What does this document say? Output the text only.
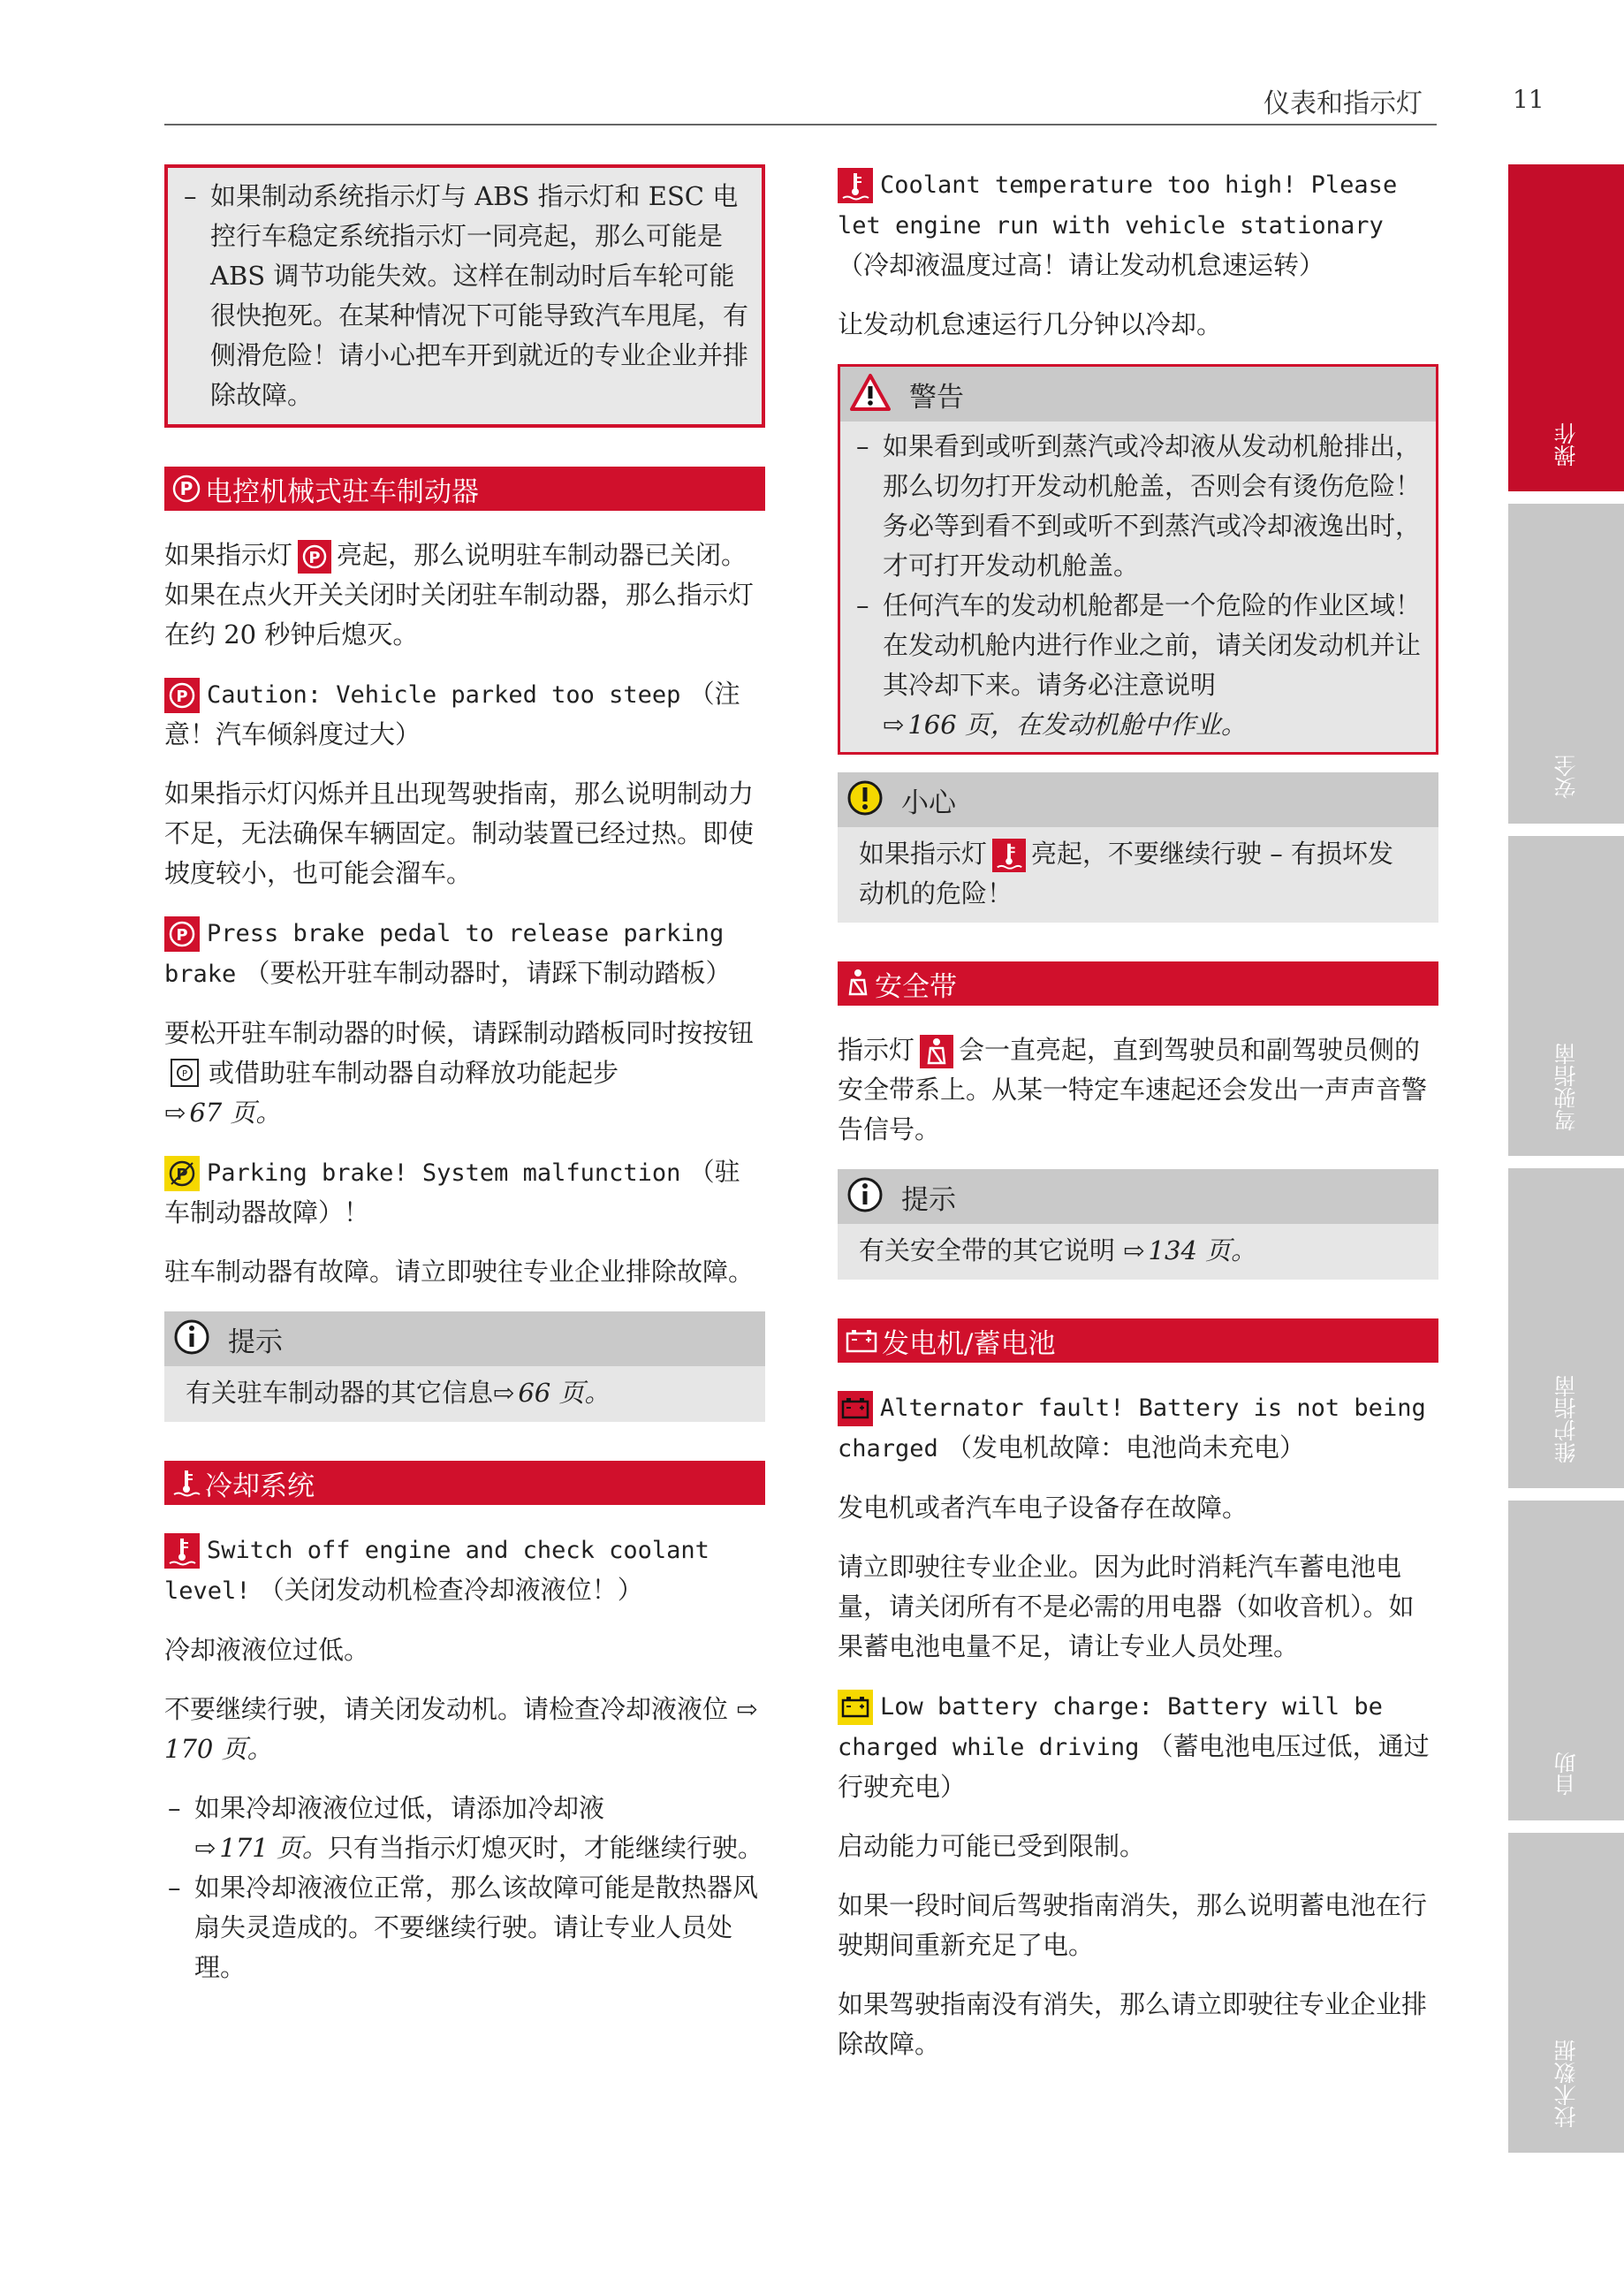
仪表和指示灯	11
– 如果制动系统指示灯与 ABS 指示灯和 ESC 电控行车稳定系统指示灯一同亮起，那么可能是 ABS 调节功能失效。这样在制动时后车轮可能很快抱死。在某种情况下可能导致汽车甩尾，有侧滑危险！请小心把车开到就近的专业企业并排除故障。
P 电控机械式驻车制动器

如果指示灯 P 亮起，那么说明驻车制动器已关闭。如果在点火开关关闭时关闭驻车制动器，那么指示灯在约 20 秒钟后熄灭。

P Caution: Vehicle parked too steep （注意！汽车倾斜度过大）

如果指示灯闪烁并且出现驾驶指南，那么说明制动力不足，无法确保车辆固定。制动装置已经过热。即使坡度较小，也可能会溜车。

P Press brake pedal to release parking brake （要松开驻车制动器时，请踩下制动踏板）

要松开驻车制动器的时候，请踩制动踏板同时按按钮
P 或借助驻车制动器自动释放功能起步
⇨ 67 页。

P Parking brake! System malfunction （驻车制动器故障）！

驻车制动器有故障。请立即驶往专业企业排除故障。

提示
有关驻车制动器的其它信息⇨ 66 页。
冷却系统

Switch off engine and check coolant level! （关闭发动机检查冷却液液位！）

冷却液液位过低。

不要继续行驶，请关闭发动机。请检查冷却液液位 ⇨170 页。

– 如果冷却液液位过低，请添加冷却液
⇨ 171 页。只有当指示灯熄灭时，才能继续行驶。
– 如果冷却液液位正常，那么该故障可能是散热器风扇失灵造成的。不要继续行驶。请让专业人员处理。

Coolant temperature too high! Please let engine run with vehicle stationary （冷却液温度过高！请让发动机怠速运转）

让发动机怠速运行几分钟以冷却。

警告
– 如果看到或听到蒸汽或冷却液从发动机舱排出，那么切勿打开发动机舱盖，否则会有烫伤危险！务必等到看不到或听不到蒸汽或冷却液逸出时，才可打开发动机舱盖。
– 任何汽车的发动机舱都是一个危险的作业区域！在发动机舱内进行作业之前，请关闭发动机并让其冷却下来。请务必注意说明
⇨ 166 页，在发动机舱中作业。
小心
如果指示灯 亮起，不要继续行驶 – 有损坏发动机的危险！
安全带

指示灯 会一直亮起，直到驾驶员和副驾驶员侧的安全带系上。从某一特定车速起还会发出一声声音警告信号。

提示
有关安全带的其它说明 ⇨ 134 页。
发电机/蓄电池

Alternator fault! Battery is not being charged （发电机故障：电池尚未充电）

发电机或者汽车电子设备存在故障。

请立即驶往专业企业。因为此时消耗汽车蓄电池电量，请关闭所有不是必需的用电器（如收音机）。如果蓄电池电量不足，请让专业人员处理。

Low battery charge: Battery will be charged while driving （蓄电池电压过低，通过行驶充电）

启动能力可能已受到限制。

如果一段时间后驾驶指南消失，那么说明蓄电池在行驶期间重新充足了电。

如果驾驶指南没有消失，那么请立即驶往专业企业排除故障。

操作
安全
驾驶指南
维护指南
自助
技术数据
